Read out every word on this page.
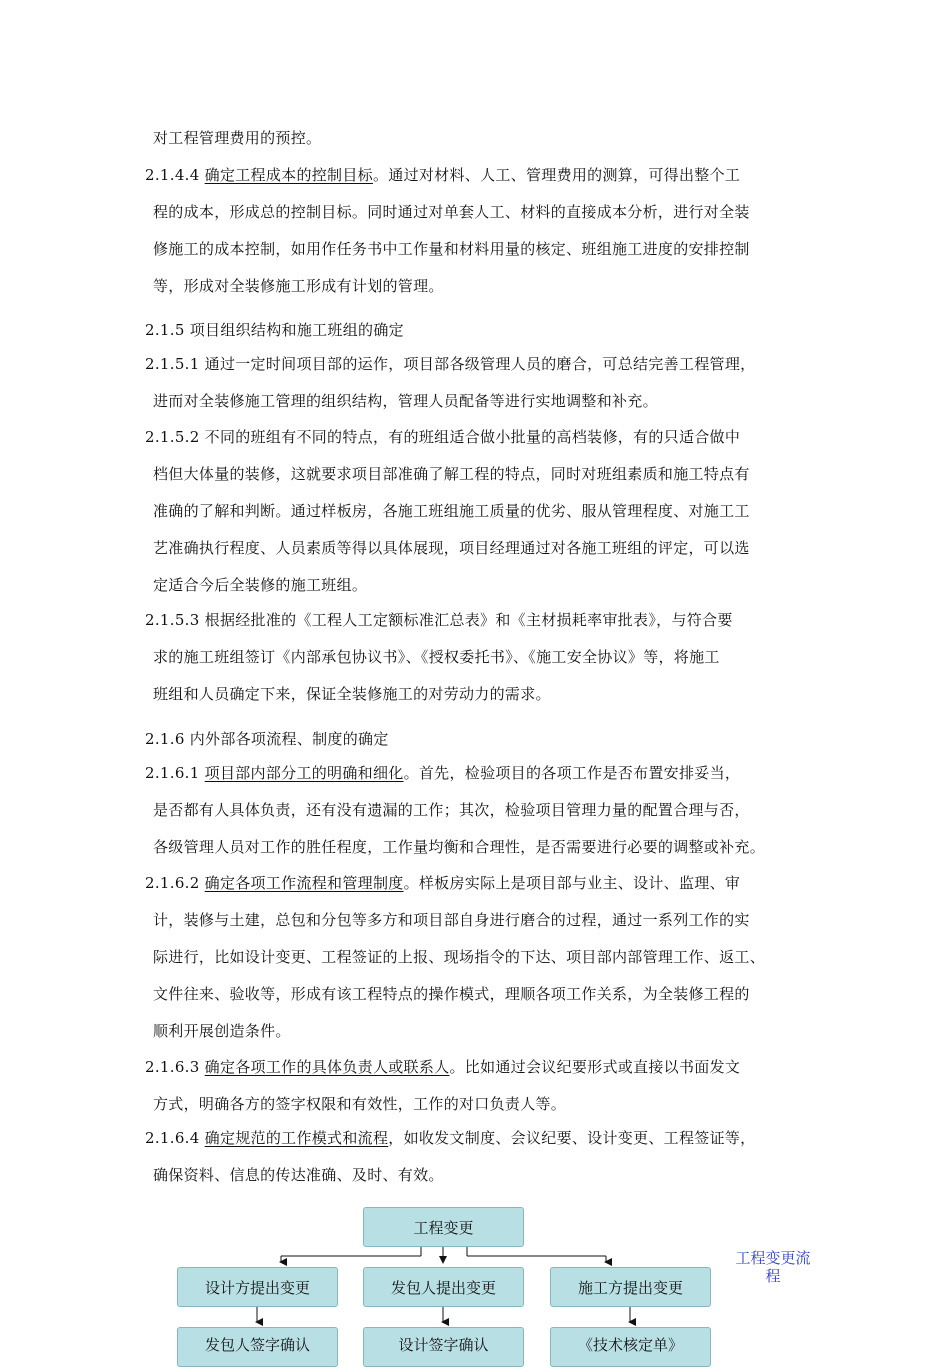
对工程管理费用的预控。
2.1.4.4 确定工程成本的控制目标。通过对材料、人工、管理费用的测算，可得出整个工
程的成本，形成总的控制目标。同时通过对单套人工、材料的直接成本分析，进行对全装
修施工的成本控制，如用作任务书中工作量和材料用量的核定、班组施工进度的安排控制
等，形成对全装修施工形成有计划的管理。
2.1.5 项目组织结构和施工班组的确定
2.1.5.1 通过一定时间项目部的运作，项目部各级管理人员的磨合，可总结完善工程管理，
进而对全装修施工管理的组织结构，管理人员配备等进行实地调整和补充。
2.1.5.2 不同的班组有不同的特点，有的班组适合做小批量的高档装修，有的只适合做中
档但大体量的装修，这就要求项目部准确了解工程的特点，同时对班组素质和施工特点有
准确的了解和判断。通过样板房，各施工班组施工质量的优劣、服从管理程度、对施工工
艺准确执行程度、人员素质等得以具体展现，项目经理通过对各施工班组的评定，可以选
定适合今后全装修的施工班组。
2.1.5.3 根据经批准的《工程人工定额标准汇总表》和《主材损耗率审批表》，与符合要
求的施工班组签订《内部承包协议书》、《授权委托书》、《施工安全协议》等，将施工
班组和人员确定下来，保证全装修施工的对劳动力的需求。
2.1.6 内外部各项流程、制度的确定
2.1.6.1 项目部内部分工的明确和细化。首先，检验项目的各项工作是否布置安排妥当，
是否都有人具体负责，还有没有遗漏的工作；其次，检验项目管理力量的配置合理与否，
各级管理人员对工作的胜任程度，工作量均衡和合理性，是否需要进行必要的调整或补充。
2.1.6.2 确定各项工作流程和管理制度。样板房实际上是项目部与业主、设计、监理、审
计，装修与土建，总包和分包等多方和项目部自身进行磨合的过程，通过一系列工作的实
际进行，比如设计变更、工程签证的上报、现场指令的下达、项目部内部管理工作、返工、
文件往来、验收等，形成有该工程特点的操作模式，理顺各项工作关系，为全装修工程的
顺利开展创造条件。
2.1.6.3 确定各项工作的具体负责人或联系人。比如通过会议纪要形式或直接以书面发文
方式，明确各方的签字权限和有效性，工作的对口负责人等。
2.1.6.4 确定规范的工作模式和流程，如收发文制度、会议纪要、设计变更、工程签证等，
确保资料、信息的传达准确、及时、有效。
工程变更
设计方提出变更	发包人提出变更	施工方提出变更
发包人签字确认	设计签字确认	《技术核定单》
工程变更流程
